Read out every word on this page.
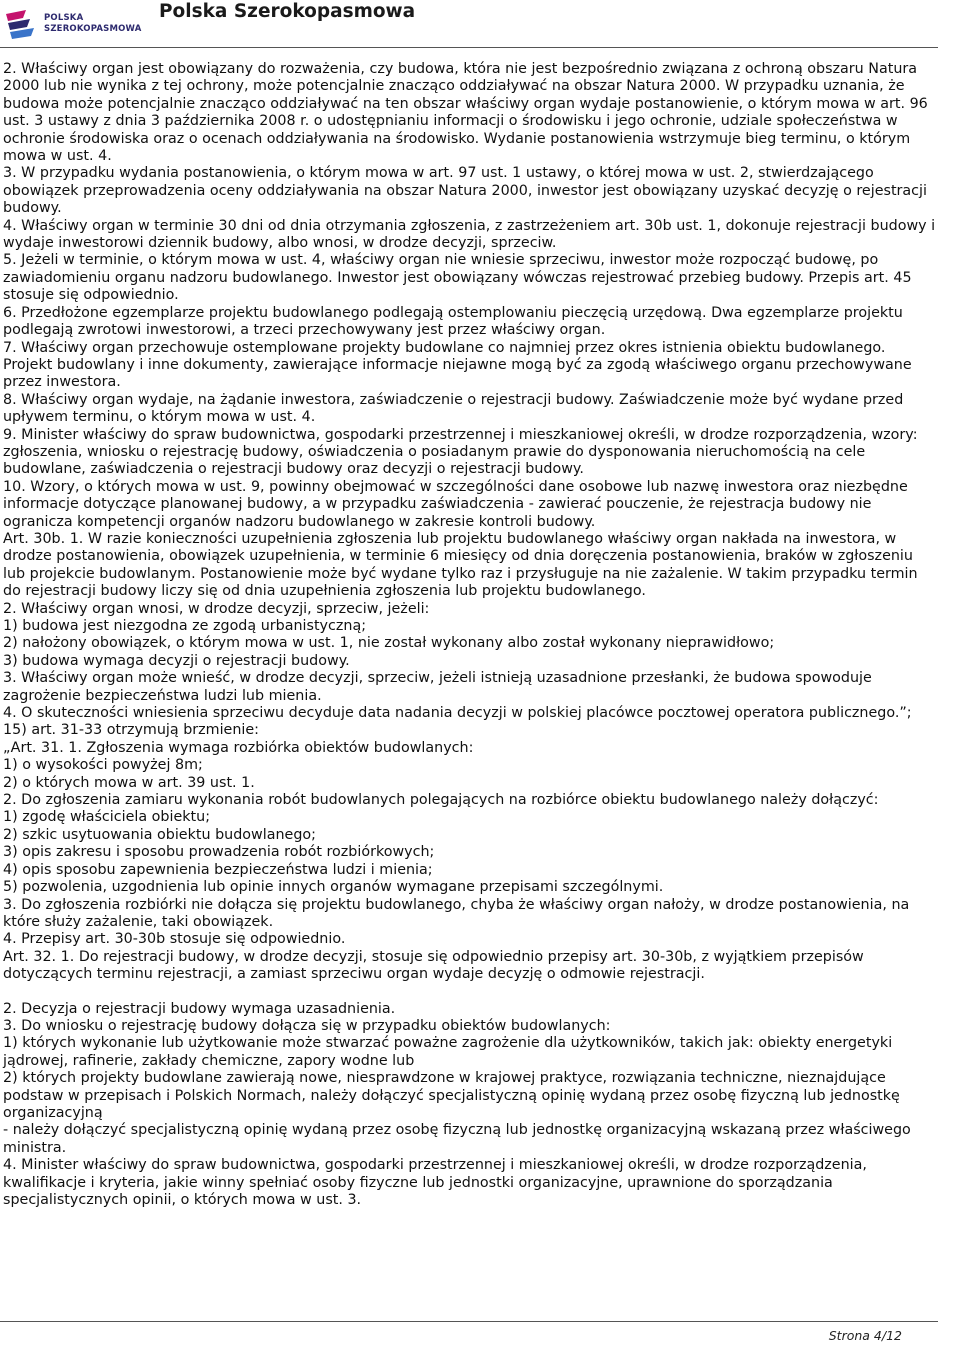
POLSKA
SZEROKOPASMOWA
Polska Szerokopasmowa

2. Właściwy organ jest obowiązany do rozważenia, czy budowa, która nie jest bezpośrednio związana z ochroną obszaru Natura 2000 lub nie wynika z tej ochrony, może potencjalnie znacząco oddziaływać na obszar Natura 2000. W przypadku uznania, że budowa może potencjalnie znacząco oddziaływać na ten obszar właściwy organ wydaje postanowienie, o którym mowa w art. 96 ust. 3 ustawy z dnia 3 października 2008 r. o udostępnianiu informacji o środowisku i jego ochronie, udziale społeczeństwa w ochronie środowiska oraz o ocenach oddziaływania na środowisko. Wydanie postanowienia wstrzymuje bieg terminu, o którym mowa w ust. 4.

3. W przypadku wydania postanowienia, o którym mowa w art. 97 ust. 1 ustawy, o której mowa w ust. 2, stwierdzającego obowiązek przeprowadzenia oceny oddziaływania na obszar Natura 2000, inwestor jest obowiązany uzyskać decyzję o rejestracji budowy.

4. Właściwy organ w terminie 30 dni od dnia otrzymania zgłoszenia, z zastrzeżeniem art. 30b ust. 1, dokonuje rejestracji budowy i wydaje inwestorowi dziennik budowy, albo wnosi, w drodze decyzji, sprzeciw.

5. Jeżeli w terminie, o którym mowa w ust. 4, właściwy organ nie wniesie sprzeciwu, inwestor może rozpocząć budowę, po zawiadomieniu organu nadzoru budowlanego. Inwestor jest obowiązany wówczas rejestrować przebieg budowy. Przepis art. 45 stosuje się odpowiednio.

6. Przedłożone egzemplarze projektu budowlanego podlegają ostemplowaniu pieczęcią urzędową. Dwa egzemplarze projektu podlegają zwrotowi inwestorowi, a trzeci przechowywany jest przez właściwy organ.

7. Właściwy organ przechowuje ostemplowane projekty budowlane co najmniej przez okres istnienia obiektu budowlanego. Projekt budowlany i inne dokumenty, zawierające informacje niejawne mogą być za zgodą właściwego organu przechowywane przez inwestora.

8. Właściwy organ wydaje, na żądanie inwestora, zaświadczenie o rejestracji budowy. Zaświadczenie może być wydane przed upływem terminu, o którym mowa w ust. 4.

9. Minister właściwy do spraw budownictwa, gospodarki przestrzennej i mieszkaniowej określi, w drodze rozporządzenia, wzory: zgłoszenia, wniosku o rejestrację budowy, oświadczenia o posiadanym prawie do dysponowania nieruchomością na cele budowlane, zaświadczenia o rejestracji budowy oraz decyzji o rejestracji budowy.

10. Wzory, o których mowa w ust. 9, powinny obejmować w szczególności dane osobowe lub nazwę inwestora oraz niezbędne informacje dotyczące planowanej budowy, a w przypadku zaświadczenia - zawierać pouczenie, że rejestracja budowy nie ogranicza kompetencji organów nadzoru budowlanego w zakresie kontroli budowy.

Art. 30b. 1. W razie konieczności uzupełnienia zgłoszenia lub projektu budowlanego właściwy organ nakłada na inwestora, w drodze postanowienia, obowiązek uzupełnienia, w terminie 6 miesięcy od dnia doręczenia postanowienia, braków w zgłoszeniu lub projekcie budowlanym. Postanowienie może być wydane tylko raz i przysługuje na nie zażalenie. W takim przypadku termin do rejestracji budowy liczy się od dnia uzupełnienia zgłoszenia lub projektu budowlanego.

2. Właściwy organ wnosi, w drodze decyzji, sprzeciw, jeżeli:

1) budowa jest niezgodna ze zgodą urbanistyczną;

2) nałożony obowiązek, o którym mowa w ust. 1, nie został wykonany albo został wykonany nieprawidłowo;

3) budowa wymaga decyzji o rejestracji budowy.

3. Właściwy organ może wnieść, w drodze decyzji, sprzeciw, jeżeli istnieją uzasadnione przesłanki, że budowa spowoduje zagrożenie bezpieczeństwa ludzi lub mienia.

4. O skuteczności wniesienia sprzeciwu decyduje data nadania decyzji w polskiej placówce pocztowej operatora publicznego.”;

15) art. 31-33 otrzymują brzmienie:

„Art. 31. 1. Zgłoszenia wymaga rozbiórka obiektów budowlanych:

1) o wysokości powyżej 8m;

2) o których mowa w art. 39 ust. 1.

2. Do zgłoszenia zamiaru wykonania robót budowlanych polegających na rozbiórce obiektu budowlanego należy dołączyć:

1) zgodę właściciela obiektu;

2) szkic usytuowania obiektu budowlanego;

3) opis zakresu i sposobu prowadzenia robót rozbiórkowych;

4) opis sposobu zapewnienia bezpieczeństwa ludzi i mienia;

5) pozwolenia, uzgodnienia lub opinie innych organów wymagane przepisami szczególnymi.

3. Do zgłoszenia rozbiórki nie dołącza się projektu budowlanego, chyba że właściwy organ nałoży, w drodze postanowienia, na które służy zażalenie, taki obowiązek.

4. Przepisy art. 30-30b stosuje się odpowiednio.

Art. 32. 1. Do rejestracji budowy, w drodze decyzji, stosuje się odpowiednio przepisy art. 30-30b, z wyjątkiem przepisów dotyczących terminu rejestracji, a zamiast sprzeciwu organ wydaje decyzję o odmowie rejestracji.

2. Decyzja o rejestracji budowy wymaga uzasadnienia.

3. Do wniosku o rejestrację budowy dołącza się w przypadku obiektów budowlanych:

1) których wykonanie lub użytkowanie może stwarzać poważne zagrożenie dla użytkowników, takich jak: obiekty energetyki jądrowej, rafinerie, zakłady chemiczne, zapory wodne lub

2) których projekty budowlane zawierają nowe, niesprawdzone w krajowej praktyce, rozwiązania techniczne, nieznajdujące podstaw w przepisach i Polskich Normach, należy dołączyć specjalistyczną opinię wydaną przez osobę fizyczną lub jednostkę organizacyjną

- należy dołączyć specjalistyczną opinię wydaną przez osobę fizyczną lub jednostkę organizacyjną wskazaną przez właściwego ministra.

4. Minister właściwy do spraw budownictwa, gospodarki przestrzennej i mieszkaniowej określi, w drodze rozporządzenia, kwalifikacje i kryteria, jakie winny spełniać osoby fizyczne lub jednostki organizacyjne, uprawnione do sporządzania specjalistycznych opinii, o których mowa w ust. 3.

Strona 4/12
